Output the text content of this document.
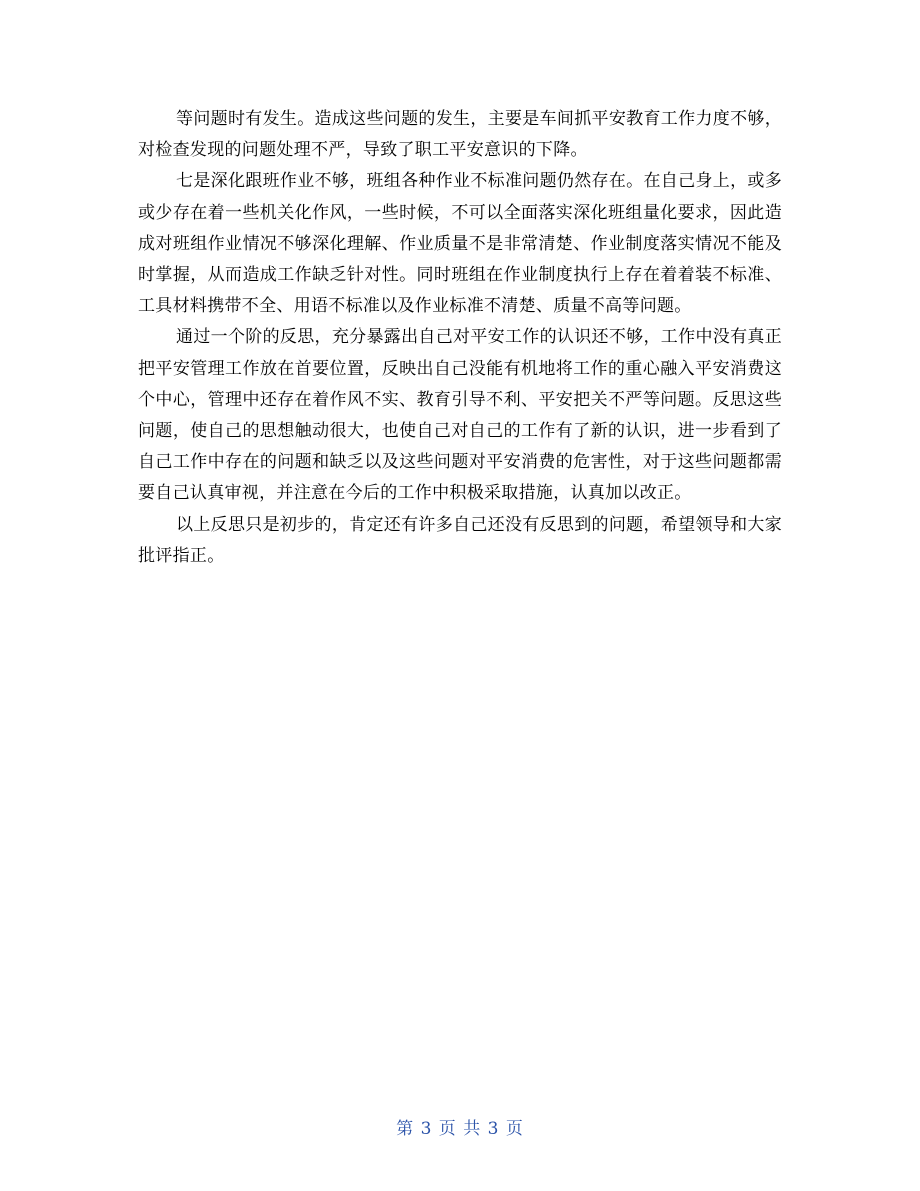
等问题时有发生。造成这些问题的发生，主要是车间抓平安教育工作力度不够，对检查发现的问题处理不严，导致了职工平安意识的下降。

七是深化跟班作业不够，班组各种作业不标准问题仍然存在。在自己身上，或多或少存在着一些机关化作风，一些时候，不可以全面落实深化班组量化要求，因此造成对班组作业情况不够深化理解、作业质量不是非常清楚、作业制度落实情况不能及时掌握，从而造成工作缺乏针对性。同时班组在作业制度执行上存在着着装不标准、工具材料携带不全、用语不标准以及作业标准不清楚、质量不高等问题。

通过一个阶的反思，充分暴露出自己对平安工作的认识还不够，工作中没有真正把平安管理工作放在首要位置，反映出自己没能有机地将工作的重心融入平安消费这个中心，管理中还存在着作风不实、教育引导不利、平安把关不严等问题。反思这些问题，使自己的思想触动很大，也使自己对自己的工作有了新的认识，进一步看到了自己工作中存在的问题和缺乏以及这些问题对平安消费的危害性，对于这些问题都需要自己认真审视，并注意在今后的工作中积极采取措施，认真加以改正。

以上反思只是初步的，肯定还有许多自己还没有反思到的问题，希望领导和大家批评指正。

第 3 页 共 3 页
